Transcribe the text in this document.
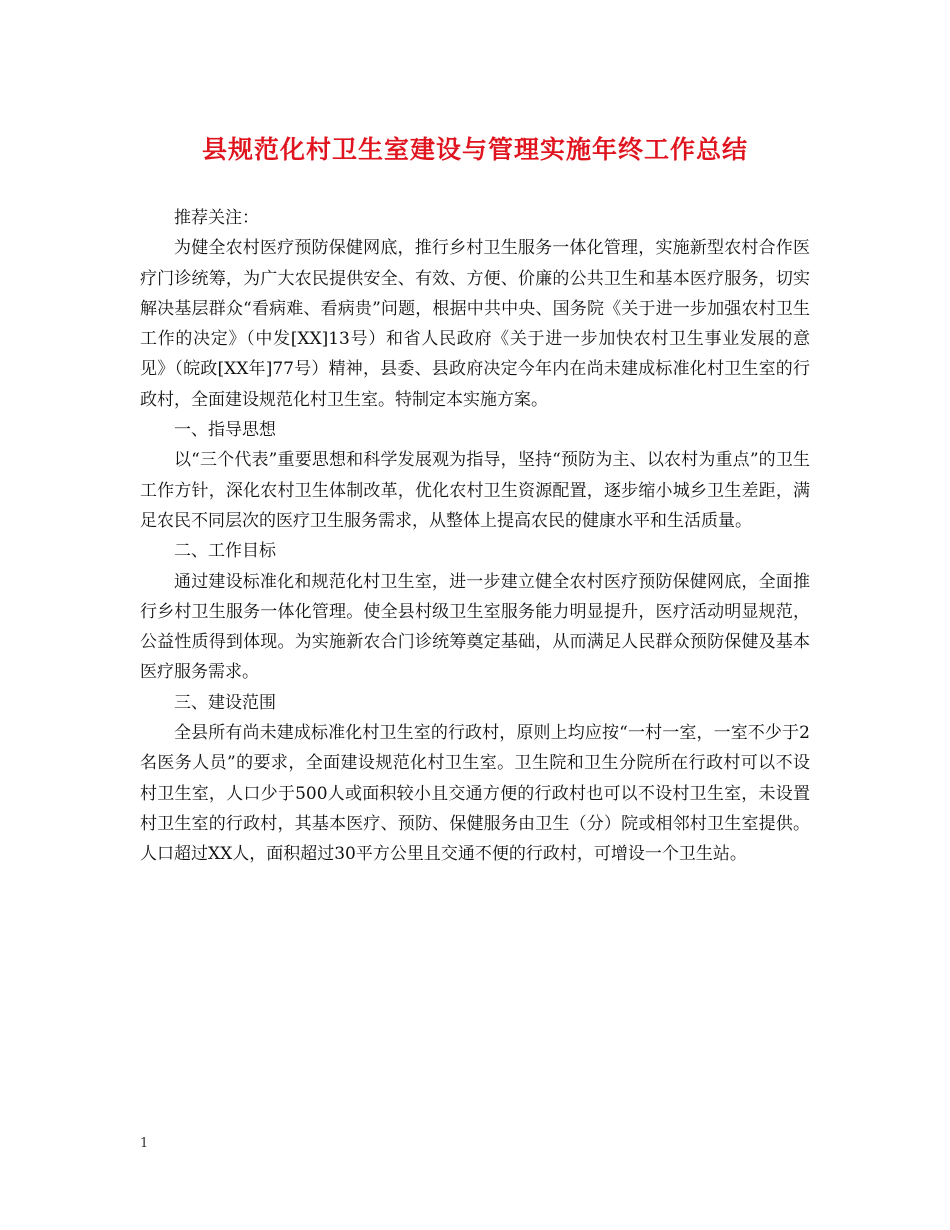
县规范化村卫生室建设与管理实施年终工作总结

推荐关注：

为健全农村医疗预防保健网底，推行乡村卫生服务一体化管理，实施新型农村合作医疗门诊统筹，为广大农民提供安全、有效、方便、价廉的公共卫生和基本医疗服务，切实解决基层群众“看病难、看病贵”问题，根据中共中央、国务院《关于进一步加强农村卫生工作的决定》（中发[XX]13号）和省人民政府《关于进一步加快农村卫生事业发展的意见》（皖政[XX年]77号）精神，县委、县政府决定今年内在尚未建成标准化村卫生室的行政村，全面建设规范化村卫生室。特制定本实施方案。

一、指导思想

以“三个代表”重要思想和科学发展观为指导，坚持“预防为主、以农村为重点”的卫生工作方针，深化农村卫生体制改革，优化农村卫生资源配置，逐步缩小城乡卫生差距，满足农民不同层次的医疗卫生服务需求，从整体上提高农民的健康水平和生活质量。

二、工作目标

通过建设标准化和规范化村卫生室，进一步建立健全农村医疗预防保健网底，全面推行乡村卫生服务一体化管理。使全县村级卫生室服务能力明显提升，医疗活动明显规范，公益性质得到体现。为实施新农合门诊统筹奠定基础，从而满足人民群众预防保健及基本医疗服务需求。

三、建设范围

全县所有尚未建成标准化村卫生室的行政村，原则上均应按“一村一室，一室不少于2名医务人员”的要求，全面建设规范化村卫生室。卫生院和卫生分院所在行政村可以不设村卫生室，人口少于500人或面积较小且交通方便的行政村也可以不设村卫生室，未设置村卫生室的行政村，其基本医疗、预防、保健服务由卫生（分）院或相邻村卫生室提供。人口超过XX人，面积超过30平方公里且交通不便的行政村，可增设一个卫生站。

1
